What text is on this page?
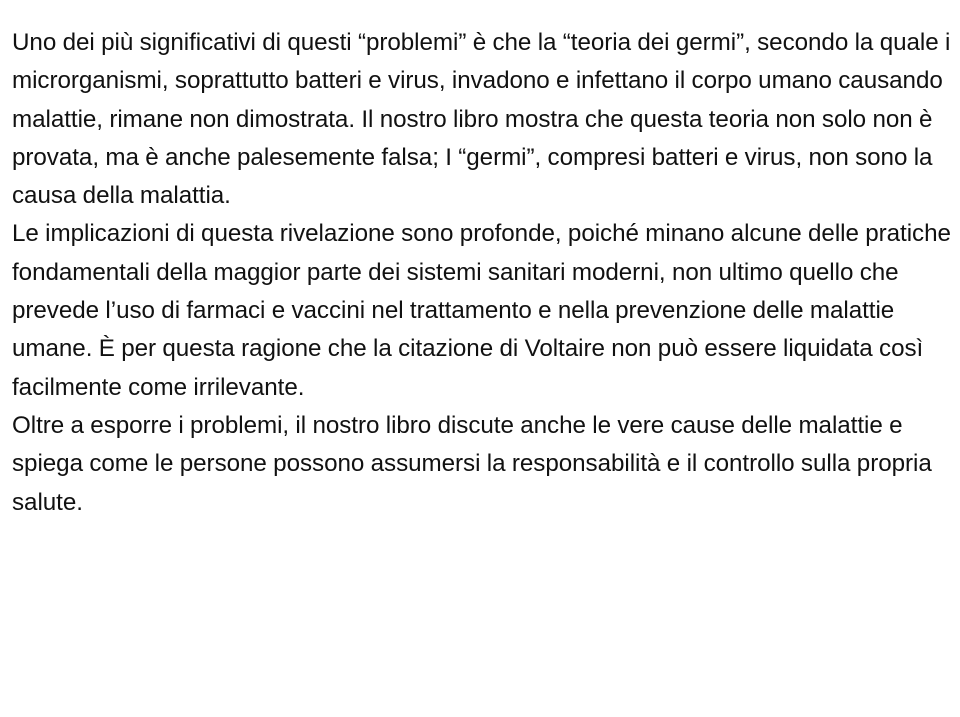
Uno dei più significativi di questi “problemi” è che la “teoria dei germi”, secondo la quale i microrganismi, soprattutto batteri e virus, invadono e infettano il corpo umano causando malattie, rimane non dimostrata. Il nostro libro mostra che questa teoria non solo non è provata, ma è anche palesemente falsa; I “germi”, compresi batteri e virus, non sono la causa della malattia.

Le implicazioni di questa rivelazione sono profonde, poiché minano alcune delle pratiche fondamentali della maggior parte dei sistemi sanitari moderni, non ultimo quello che prevede l’uso di farmaci e vaccini nel trattamento e nella prevenzione delle malattie umane. È per questa ragione che la citazione di Voltaire non può essere liquidata così facilmente come irrilevante.

Oltre a esporre i problemi, il nostro libro discute anche le vere cause delle malattie e spiega come le persone possono assumersi la responsabilità e il controllo sulla propria salute.
